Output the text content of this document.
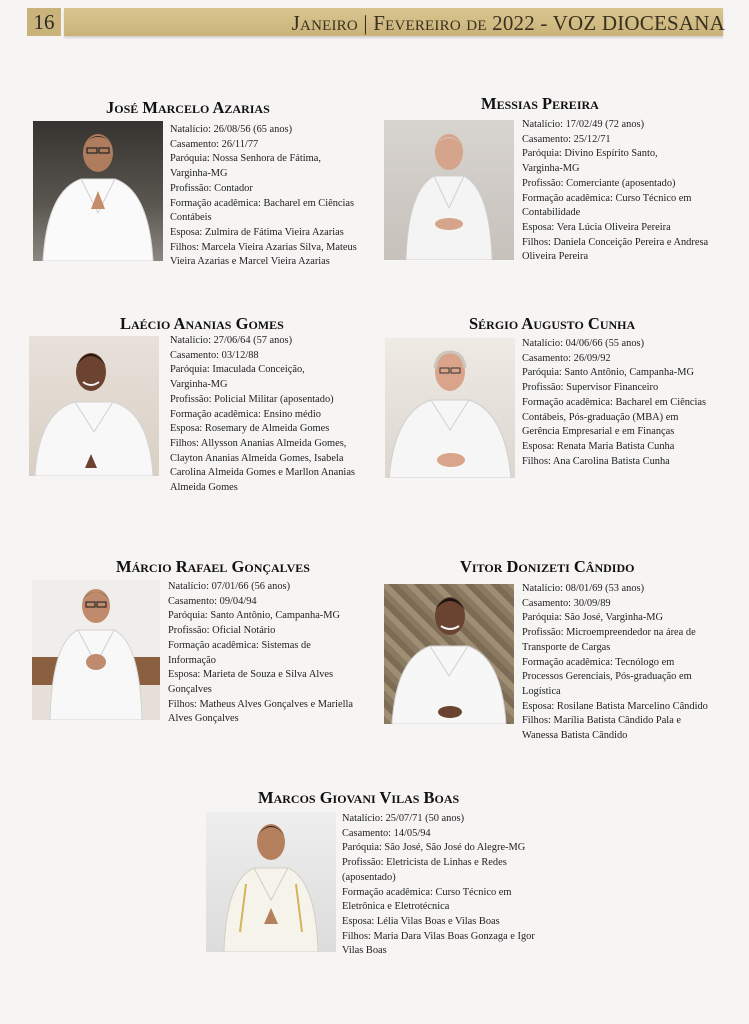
16	Janeiro | Fevereiro de 2022 - VOZ DIOCESANA
José Marcelo Azarias
Natalício: 26/08/56 (65 anos)
Casamento: 26/11/77
Paróquia: Nossa Senhora de Fátima,
Varginha-MG
Profissão: Contador
Formação acadêmica: Bacharel em Ciências
Contábeis
Esposa: Zulmira de Fátima Vieira Azarias
Filhos: Marcela Vieira Azarias Silva, Mateus
Vieira Azarias e Marcel Vieira Azarias
Messias Pereira
Natalício: 17/02/49 (72 anos)
Casamento: 25/12/71
Paróquia: Divino Espírito Santo,
Varginha-MG
Profissão: Comerciante (aposentado)
Formação acadêmica: Curso Técnico em
Contabilidade
Esposa: Vera Lúcia Oliveira Pereira
Filhos: Daniela Conceição Pereira e Andresa
Oliveira Pereira
Laécio Ananias Gomes
Natalício: 27/06/64 (57 anos)
Casamento: 03/12/88
Paróquia: Imaculada Conceição,
Varginha-MG
Profissão: Policial Militar (aposentado)
Formação acadêmica: Ensino médio
Esposa: Rosemary de Almeida Gomes
Filhos: Allysson Ananias Almeida Gomes,
Clayton Ananias Almeida Gomes, Isabela
Carolina Almeida Gomes e Marllon Ananias
Almeida Gomes
Sérgio Augusto Cunha
Natalício: 04/06/66 (55 anos)
Casamento: 26/09/92
Paróquia: Santo Antônio, Campanha-MG
Profissão: Supervisor Financeiro
Formação acadêmica: Bacharel em Ciências
Contábeis, Pós-graduação (MBA) em
Gerência Empresarial e em Finanças
Esposa: Renata Maria Batista Cunha
Filhos: Ana Carolina Batista Cunha
Márcio Rafael Gonçalves
Natalício: 07/01/66 (56 anos)
Casamento: 09/04/94
Paróquia: Santo Antônio, Campanha-MG
Profissão: Oficial Notário
Formação acadêmica: Sistemas de
Informação
Esposa: Marieta de Souza e Silva Alves
Gonçalves
Filhos: Matheus Alves Gonçalves e Mariella
Alves Gonçalves
Vitor Donizeti Cândido
Natalício: 08/01/69 (53 anos)
Casamento: 30/09/89
Paróquia: São José, Varginha-MG
Profissão: Microempreendedor na área de
Transporte de Cargas
Formação acadêmica: Tecnólogo em
Processos Gerenciais, Pós-graduação em
Logística
Esposa: Rosilane Batista Marcelino Cândido
Filhos: Marília Batista Cândido Pala e
Wanessa Batista Cândido
Marcos Giovani Vilas Boas
Natalício: 25/07/71 (50 anos)
Casamento: 14/05/94
Paróquia: São José, São José do Alegre-MG
Profissão: Eletricista de Linhas e Redes
(aposentado)
Formação acadêmica: Curso Técnico em
Eletrônica e Eletrotécnica
Esposa: Lélia Vilas Boas e Vilas Boas
Filhos: Maria Dara Vilas Boas Gonzaga e Igor
Vilas Boas
